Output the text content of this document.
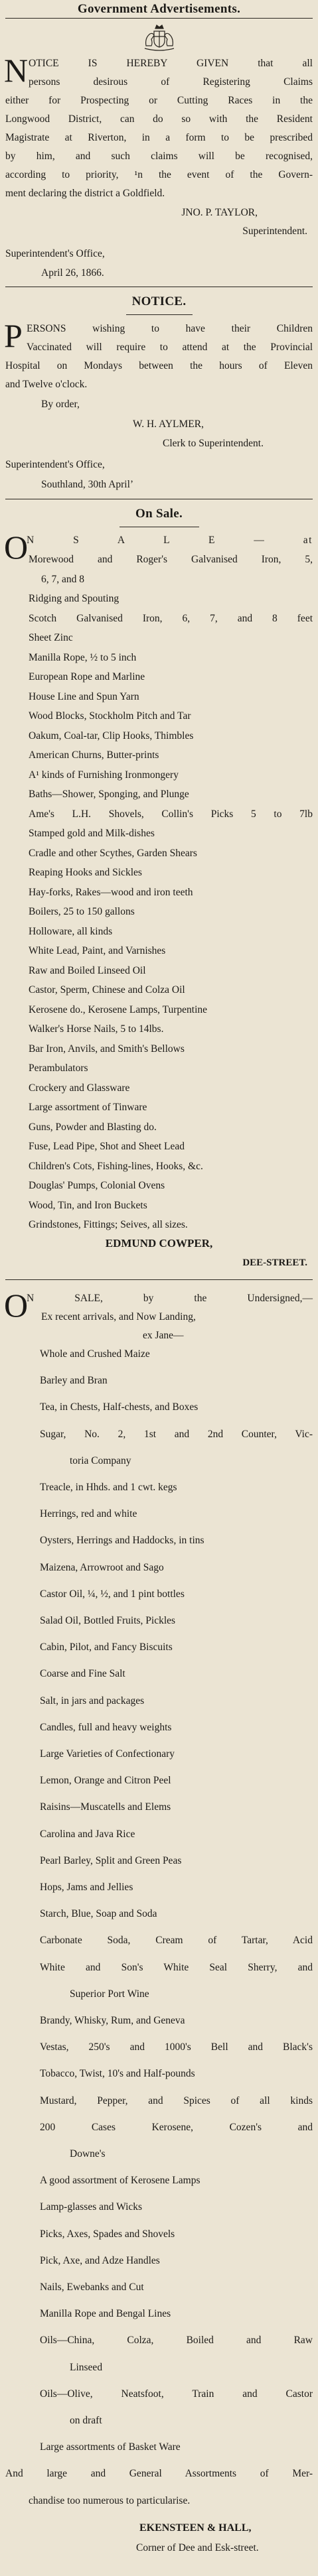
Government Advertisements.
N OTICE IS HEREBY GIVEN that all
persons desirous of Registering Claims
either for Prospecting or Cutting Races in the
Longwood District, can do so with the Resident
Magistrate at Riverton, in a form to be prescribed
by him, and such claims will be recognised,
according to priority, ¹n the event of the Govern-
ment declaring the district a Goldfield.
JNO. P. TAYLOR,
Superintendent.
Superintendent's Office,
April 26, 1866.
NOTICE.
P ERSONS wishing to have their Children
Vaccinated will require to attend at the Provincial
Hospital on Mondays between the hours of Eleven
and Twelve o'clock.
By order,
W. H. AYLMER,
Clerk to Superintendent.
Superintendent's Office,
Southland, 30th April’
On Sale.
O
N S A L E — at
Morewood and Roger's Galvanised Iron, 5,
6, 7, and 8
Ridging and Spouting
Scotch Galvanised Iron, 6, 7, and 8 feet
Sheet Zinc
Manilla Rope, ½ to 5 inch
European Rope and Marline
House Line and Spun Yarn
Wood Blocks, Stockholm Pitch and Tar
Oakum, Coal-tar, Clip Hooks, Thimbles
American Churns, Butter-prints
A¹ kinds of Furnishing Ironmongery
Baths—Shower, Sponging, and Plunge
Ame's L.H. Shovels, Collin's Picks 5 to 7lb
Stamped gold and Milk-dishes
Cradle and other Scythes, Garden Shears
Reaping Hooks and Sickles
Hay-forks, Rakes—wood and iron teeth
Boilers, 25 to 150 gallons
Holloware, all kinds
White Lead, Paint, and Varnishes
Raw and Boiled Linseed Oil
Castor, Sperm, Chinese and Colza Oil
Kerosene do., Kerosene Lamps, Turpentine
Walker's Horse Nails, 5 to 14lbs.
Bar Iron, Anvils, and Smith's Bellows
Perambulators
Crockery and Glassware
Large assortment of Tinware
Guns, Powder and Blasting do.
Fuse, Lead Pipe, Shot and Sheet Lead
Children's Cots, Fishing-lines, Hooks, &c.
Douglas' Pumps, Colonial Ovens
Wood, Tin, and Iron Buckets
Grindstones, Fittings; Seives, all sizes.
EDMUND COWPER,
DEE-STREET.
O
N SALE, by the Undersigned,—
Ex recent arrivals, and Now Landing,
ex Jane—
Whole and Crushed Maize
Barley and Bran
Tea, in Chests, Half-chests, and Boxes
Sugar, No. 2, 1st and 2nd Counter, Vic-
toria Company
Treacle, in Hhds. and 1 cwt. kegs
Herrings, red and white
Oysters, Herrings and Haddocks, in tins
Maizena, Arrowroot and Sago
Castor Oil, ¼, ½, and 1 pint bottles
Salad Oil, Bottled Fruits, Pickles
Cabin, Pilot, and Fancy Biscuits
Coarse and Fine Salt
Salt, in jars and packages
Candles, full and heavy weights
Large Varieties of Confectionary
Lemon, Orange and Citron Peel
Raisins—Muscatells and Elems
Carolina and Java Rice
Pearl Barley, Split and Green Peas
Hops, Jams and Jellies
Starch, Blue, Soap and Soda
Carbonate Soda, Cream of Tartar, Acid
White and Son's White Seal Sherry, and
Superior Port Wine
Brandy, Whisky, Rum, and Geneva
Vestas, 250's and 1000's Bell and Black's
Tobacco, Twist, 10's and Half-pounds
Mustard, Pepper, and Spices of all kinds
200 Cases Kerosene, Cozen's and
Downe's
A good assortment of Kerosene Lamps
Lamp-glasses and Wicks
Picks, Axes, Spades and Shovels
Pick, Axe, and Adze Handles
Nails, Ewebanks and Cut
Manilla Rope and Bengal Lines
Oils—China, Colza, Boiled and Raw
Linseed
Oils—Olive, Neatsfoot, Train and Castor
on draft
Large assortments of Basket Ware
And large and General Assortments of Mer-
chandise too numerous to particularise.
EKENSTEEN & HALL,
Corner of Dee and Esk-street.
